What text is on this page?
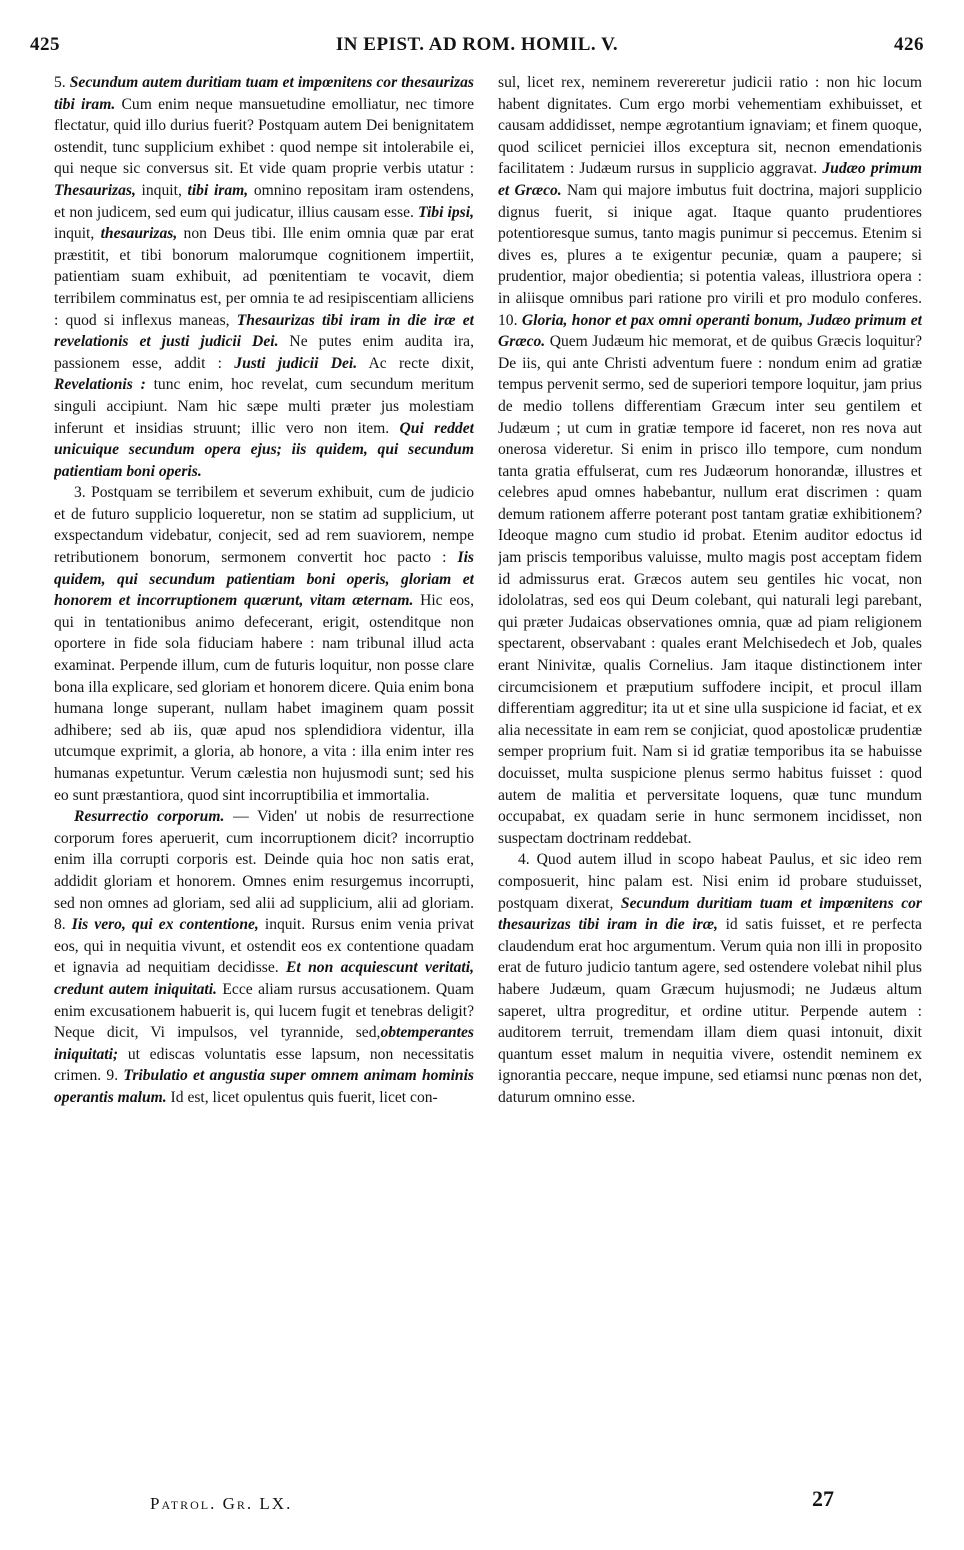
425	IN EPIST. AD ROM. HOMIL. V.	426

5. Secundum autem duritiam tuam et impœnitens cor thesaurizas tibi iram. Cum enim neque mansuetudine emolliatur, nec timore flectatur, quid illo durius fuerit? Postquam autem Dei benignitatem ostendit, tunc supplicium exhibet : quod nempe sit intolerabile ei, qui neque sic conversus sit. Et vide quam proprie verbis utatur : Thesaurizas, inquit, tibi iram, omnino repositam iram ostendens, et non judicem, sed eum qui judicatur, illius causam esse. Tibi ipsi, inquit, thesaurizas, non Deus tibi. Ille enim omnia quæ par erat præstitit, et tibi bonorum malorumque cognitionem impertiit, patientiam suam exhibuit, ad pœnitentiam te vocavit, diem terribilem comminatus est, per omnia te ad resipiscentiam alliciens : quod si inflexus maneas, Thesaurizas tibi iram in die iræ et revelationis et justi judicii Dei. Ne putes enim audita ira, passionem esse, addit : Justi judicii Dei. Ac recte dixit, Revelationis : tunc enim, hoc revelat, cum secundum meritum singuli accipiunt. Nam hic sæpe multi præter jus molestiam inferunt et insidias struunt; illic vero non item. Qui reddet unicuique secundum opera ejus; iis quidem, qui secundum patientiam boni operis.

3. Postquam se terribilem et severum exhibuit, cum de judicio et de futuro supplicio loqueretur, non se statim ad supplicium, ut exspectandum videbatur, conjecit, sed ad rem suaviorem, nempe retributionem bonorum, sermonem convertit hoc pacto : Iis quidem, qui secundum patientiam boni operis, gloriam et honorem et incorruptionem quærunt, vitam æternam. Hic eos, qui in tentationibus animo defecerant, erigit, ostenditque non oportere in fide sola fiduciam habere : nam tribunal illud acta examinat. Perpende illum, cum de futuris loquitur, non posse clare bona illa explicare, sed gloriam et honorem dicere. Quia enim bona humana longe superant, nullam habet imaginem quam possit adhibere; sed ab iis, quæ apud nos splendidiora videntur, illa utcumque exprimit, a gloria, ab honore, a vita : illa enim inter res humanas expetuntur. Verum cælestia non hujusmodi sunt; sed his eo sunt præstantiora, quod sint incorruptibilia et immortalia.

Resurrectio corporum. — Viden' ut nobis de resurrectione corporum fores aperuerit, cum incorruptionem dicit? incorruptio enim illa corrupti corporis est. Deinde quia hoc non satis erat, addidit gloriam et honorem. Omnes enim resurgemus incorrupti, sed non omnes ad gloriam, sed alii ad supplicium, alii ad gloriam. 8. Iis vero, qui ex contentione, inquit. Rursus enim venia privat eos, qui in nequitia vivunt, et ostendit eos ex contentione quadam et ignavia ad nequitiam decidisse. Et non acquiescunt veritati, credunt autem iniquitati. Ecce aliam rursus accusationem. Quam enim excusationem habuerit is, qui lucem fugit et tenebras deligit? Neque dicit, Vi impulsos, vel tyrannide, sed,obtemperantes iniquitati; ut ediscas voluntatis esse lapsum, non necessitatis crimen. 9. Tribulatio et angustia super omnem animam hominis operantis malum. Id est, licet opulentus quis fuerit, licet con-

sul, licet rex, neminem revereretur judicii ratio : non hic locum habent dignitates. Cum ergo morbi vehementiam exhibuisset, et causam addidisset, nempe ægrotantium ignaviam; et finem quoque, quod scilicet perniciei illos exceptura sit, necnon emendationis facilitatem : Judæum rursus in supplicio aggravat. Judæo primum et Græco. Nam qui majore imbutus fuit doctrina, majori supplicio dignus fuerit, si inique agat. Itaque quanto prudentiores potentioresque sumus, tanto magis punimur si peccemus. Etenim si dives es, plures a te exigentur pecuniæ, quam a paupere; si prudentior, major obedientia; si potentia valeas, illustriora opera : in aliisque omnibus pari ratione pro virili et pro modulo conferes. 10. Gloria, honor et pax omni operanti bonum, Judæo primum et Græco. Quem Judæum hic memorat, et de quibus Græcis loquitur? De iis, qui ante Christi adventum fuere : nondum enim ad gratiæ tempus pervenit sermo, sed de superiori tempore loquitur, jam prius de medio tollens differentiam Græcum inter seu gentilem et Judæum ; ut cum in gratiæ tempore id faceret, non res nova aut onerosa videretur. Si enim in prisco illo tempore, cum nondum tanta gratia effulserat, cum res Judæorum honorandæ, illustres et celebres apud omnes habebantur, nullum erat discrimen : quam demum rationem afferre poterant post tantam gratiæ exhibitionem? Ideoque magno cum studio id probat. Etenim auditor edoctus id jam priscis temporibus valuisse, multo magis post acceptam fidem id admissurus erat. Græcos autem seu gentiles hic vocat, non idololatras, sed eos qui Deum colebant, qui naturali legi parebant, qui præter Judaicas observationes omnia, quæ ad piam religionem spectarent, observabant : quales erant Melchisedech et Job, quales erant Ninivitæ, qualis Cornelius. Jam itaque distinctionem inter circumcisionem et præputium suffodere incipit, et procul illam differentiam aggreditur; ita ut et sine ulla suspicione id faciat, et ex alia necessitate in eam rem se conjiciat, quod apostolicæ prudentiæ semper proprium fuit. Nam si id gratiæ temporibus ita se habuisse docuisset, multa suspicione plenus sermo habitus fuisset : quod autem de malitia et perversitate loquens, quæ tunc mundum occupabat, ex quadam serie in hunc sermonem incidisset, non suspectam doctrinam reddebat.

4. Quod autem illud in scopo habeat Paulus, et sic ideo rem composuerit, hinc palam est. Nisi enim id probare studuisset, postquam dixerat, Secundum duritiam tuam et impœnitens cor thesaurizas tibi iram in die iræ, id satis fuisset, et re perfecta claudendum erat hoc argumentum. Verum quia non illi in proposito erat de futuro judicio tantum agere, sed ostendere volebat nihil plus habere Judæum, quam Græcum hujusmodi; ne Judæus altum saperet, ultra progreditur, et ordine utitur. Perpende autem : auditorem terruit, tremendam illam diem quasi intonuit, dixit quantum esset malum in nequitia vivere, ostendit neminem ex ignorantia peccare, neque impune, sed etiamsi nunc pœnas non det, daturum omnino esse.

Patrol. Gr. LX.	27
